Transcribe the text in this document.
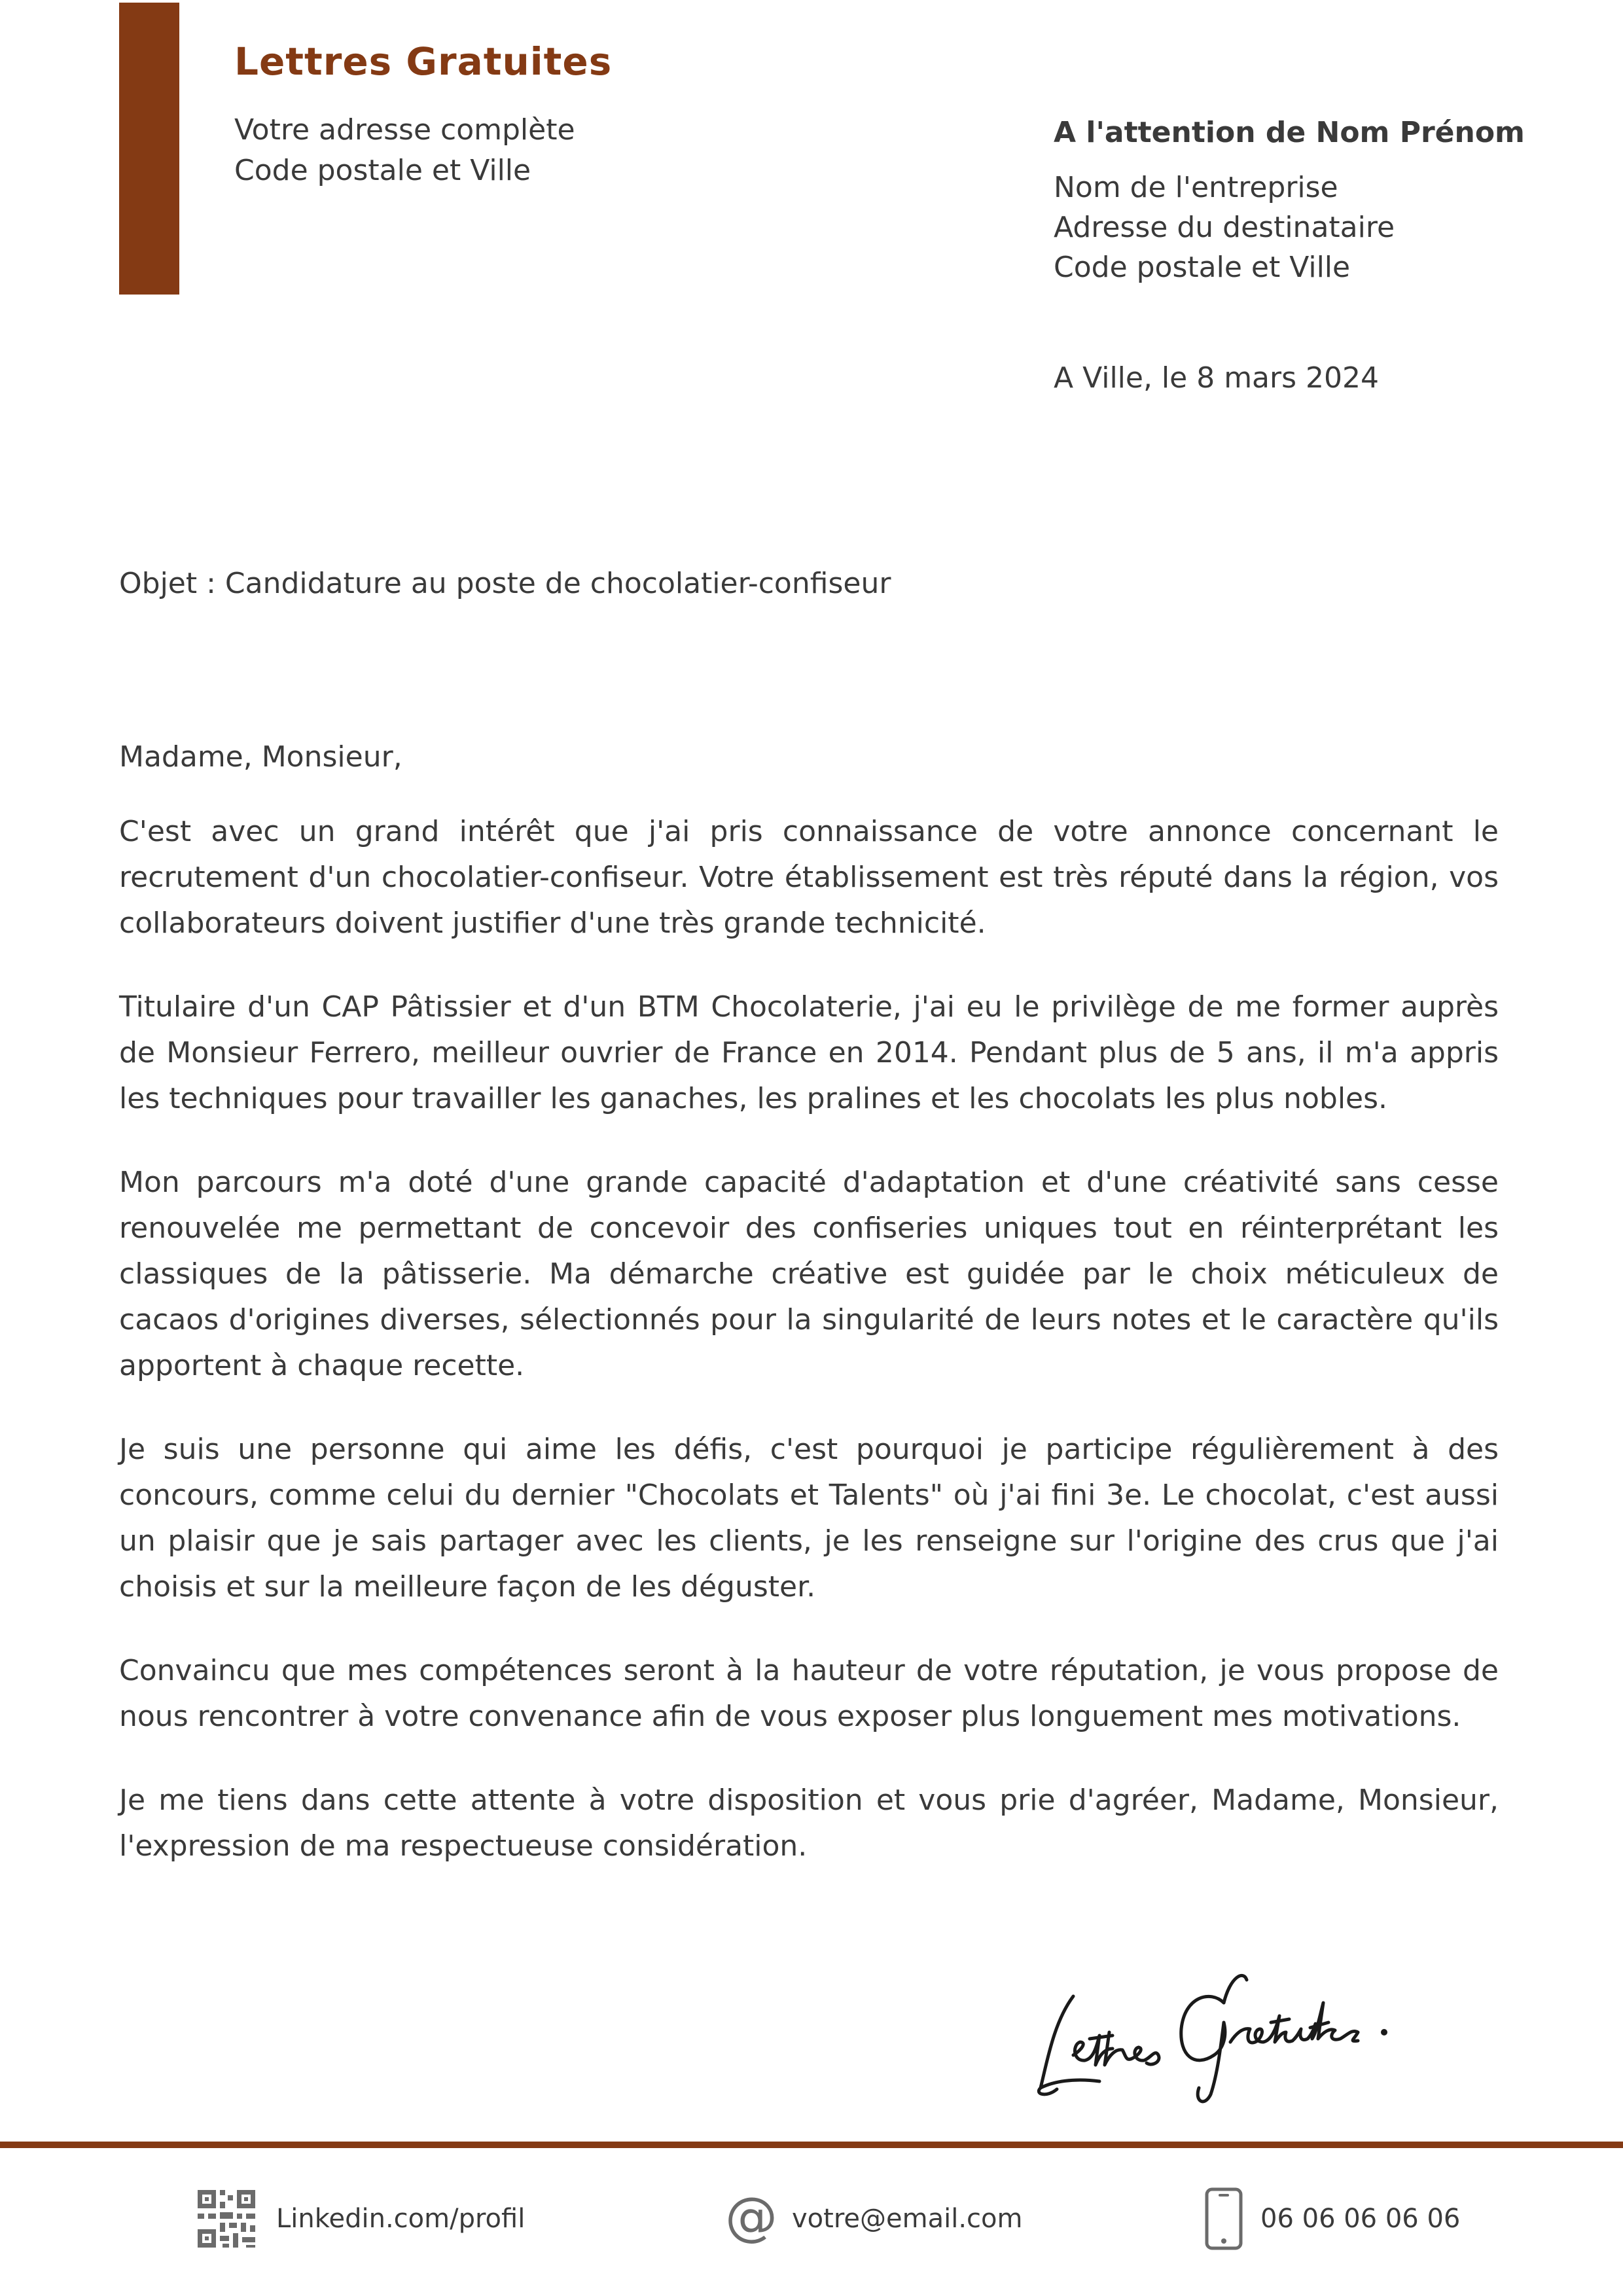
Lettres Gratuites
Votre adresse complète
Code postale et Ville
A l'attention de Nom Prénom
Nom de l'entreprise
Adresse du destinataire
Code postale et Ville
A Ville, le 8 mars 2024
Objet : Candidature au poste de chocolatier-confiseur

Madame, Monsieur,

C'est avec un grand intérêt que j'ai pris connaissance de votre annonce concernant le recrutement d'un chocolatier-confiseur. Votre établissement est très réputé dans la région, vos collaborateurs doivent justifier d'une très grande technicité.

Titulaire d'un CAP Pâtissier et d'un BTM Chocolaterie, j'ai eu le privilège de me former auprès de Monsieur Ferrero, meilleur ouvrier de France en 2014. Pendant plus de 5 ans, il m'a appris les techniques pour travailler les ganaches, les pralines et les chocolats les plus nobles.

Mon parcours m'a doté d'une grande capacité d'adaptation et d'une créativité sans cesse renouvelée me permettant de concevoir des confiseries uniques tout en réinterprétant les classiques de la pâtisserie. Ma démarche créative est guidée par le choix méticuleux de cacaos d'origines diverses, sélectionnés pour la singularité de leurs notes et le caractère qu'ils apportent à chaque recette.

Je suis une personne qui aime les défis, c'est pourquoi je participe régulièrement à des concours, comme celui du dernier "Chocolats et Talents" où j'ai fini 3e. Le chocolat, c'est aussi un plaisir que je sais partager avec les clients, je les renseigne sur l'origine des crus que j'ai choisis et sur la meilleure façon de les déguster.

Convaincu que mes compétences seront à la hauteur de votre réputation, je vous propose de nous rencontrer à votre convenance afin de vous exposer plus longuement mes motivations.

Je me tiens dans cette attente à votre disposition et vous prie d'agréer, Madame, Monsieur, l'expression de ma respectueuse considération.

Linkedin.com/profil	@ votre@email.com	06 06 06 06 06
